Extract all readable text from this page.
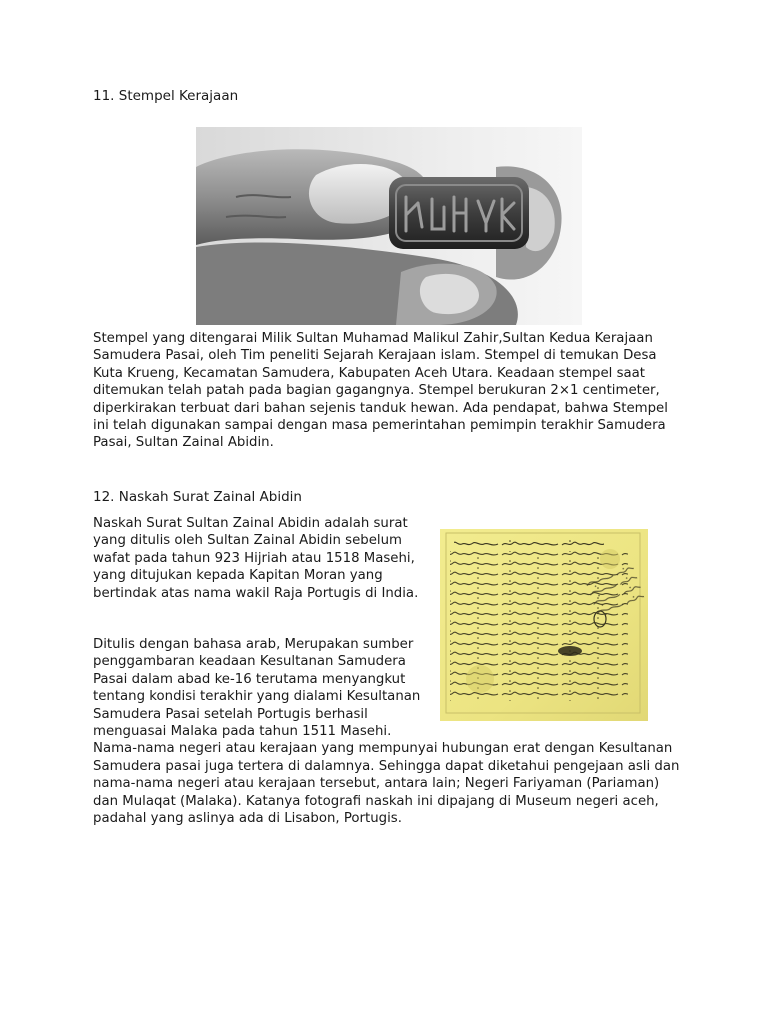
11. Stempel Kerajaan

Stempel yang ditengarai Milik Sultan Muhamad Malikul Zahir,Sultan Kedua Kerajaan Samudera Pasai, oleh Tim peneliti Sejarah Kerajaan islam. Stempel di temukan Desa Kuta Krueng, Kecamatan Samudera, Kabupaten Aceh Utara. Keadaan stempel saat ditemukan telah patah pada bagian gagangnya. Stempel berukuran 2×1 centimeter, diperkirakan terbuat dari bahan sejenis tanduk hewan. Ada pendapat, bahwa Stempel ini telah digunakan sampai dengan masa pemerintahan pemimpin terakhir Samudera Pasai, Sultan Zainal Abidin.

12. Naskah Surat Zainal Abidin

Naskah Surat Sultan Zainal Abidin adalah surat yang ditulis oleh Sultan Zainal Abidin sebelum wafat pada tahun 923 Hijriah atau 1518 Masehi, yang ditujukan kepada Kapitan Moran yang bertindak atas nama wakil Raja Portugis di India.

Ditulis dengan bahasa arab, Merupakan sumber penggambaran keadaan Kesultanan Samudera Pasai dalam abad ke-16 terutama menyangkut tentang kondisi terakhir yang dialami Kesultanan Samudera Pasai setelah Portugis berhasil menguasai Malaka pada tahun 1511 Masehi. Nama-nama negeri atau kerajaan yang mempunyai hubungan erat dengan Kesultanan Samudera pasai juga tertera di dalamnya. Sehingga dapat diketahui pengejaan asli dan nama-nama negeri atau kerajaan tersebut, antara lain; Negeri Fariyaman (Pariaman) dan Mulaqat (Malaka). Katanya fotografi naskah ini dipajang di Museum negeri aceh, padahal yang aslinya ada di Lisabon, Portugis.
